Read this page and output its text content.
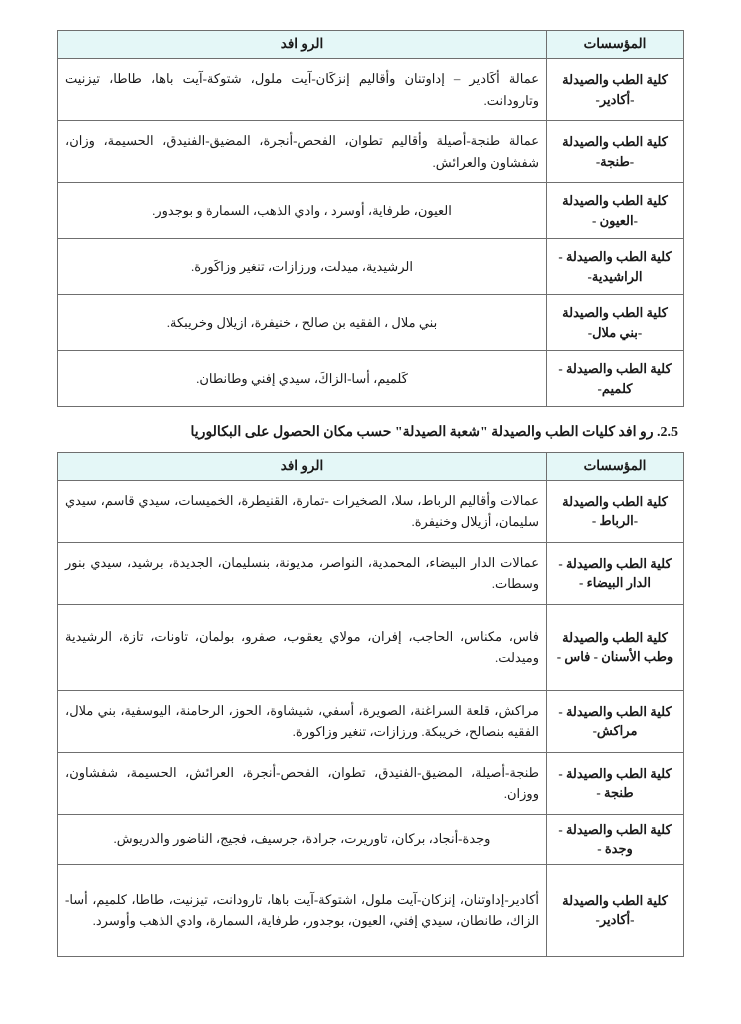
المؤسسات	الرو افد
كلية الطب والصيدلة -أكادير-	عمالة أكَادير – إداوتنان وأقاليم إنزكَان-آيت ملول، شتوكة-آيت باها، طاطا، تيزنيت وتارودانت.
كلية الطب والصيدلة -طنجة-	عمالة طنجة-أصيلة وأقاليم تطوان، الفحص-أنجرة، المضيق-الفنيدق، الحسيمة، وزان، شفشاون والعرائش.
كلية الطب والصيدلة -العيون -	العيون، طرفاية، أوسرد ، وادي الذهب، السمارة و بوجدور.
كلية الطب والصيدلة - الراشيدية-	الرشيدية، ميدلت، ورزازات، تنغير وزاكَورة.
كلية الطب والصيدلة -بني ملال-	بني ملال ، الفقيه بن صالح ، خنيفرة، ازيلال وخريبكة.
كلية الطب والصيدلة - كلميم-	كَلميم، أسا-الزاكَ، سيدي إفني وطانطان.
2.5. رو افد كليات الطب والصيدلة "شعبة الصيدلة" حسب مكان الحصول على البكالوريا
المؤسسات	الرو افد
كلية الطب والصيدلة -الرباط -	عمالات وأقاليم الرباط، سلا، الصخيرات -تمارة، القنيطرة، الخميسات، سيدي قاسم، سيدي سليمان، أزيلال وخنيفرة.
كلية الطب والصيدلة - الدار البيضاء -	عمالات الدار البيضاء، المحمدية، النواصر، مديونة، بنسليمان، الجديدة، برشيد، سيدي بنور وسطات.
كلية الطب والصيدلة وطب الأسنان - فاس -	فاس، مكناس، الحاجب، إفران، مولاي يعقوب، صفرو، بولمان، تاونات، تازة، الرشيدية وميدلت.
كلية الطب والصيدلة - مراكش-	مراكش، قلعة السراغنة، الصويرة، أسفي، شيشاوة، الحوز، الرحامنة، اليوسفية، بني ملال، الفقيه بنصالح، خريبكة. ورزازات، تنغير وزاكورة.
كلية الطب والصيدلة - طنجة -	طنجة-أصيلة، المضيق-الفنيدق، تطوان، الفحص-أنجرة، العرائش، الحسيمة، شفشاون، ووزان.
كلية الطب والصيدلة - وجدة -	وجدة-أنجاد، بركان، تاوريرت، جرادة، جرسيف، فجيج، الناضور والدريوش.
كلية الطب والصيدلة -أكادير-	أكادير-إداوتنان، إنزكان-آيت ملول، اشتوكة-آيت باها، تارودانت، تيزنيت، طاطا، كلميم، أسا-الزاك، طانطان، سيدي إفني، العيون، بوجدور، طرفاية، السمارة، وادي الذهب وأوسرد.
